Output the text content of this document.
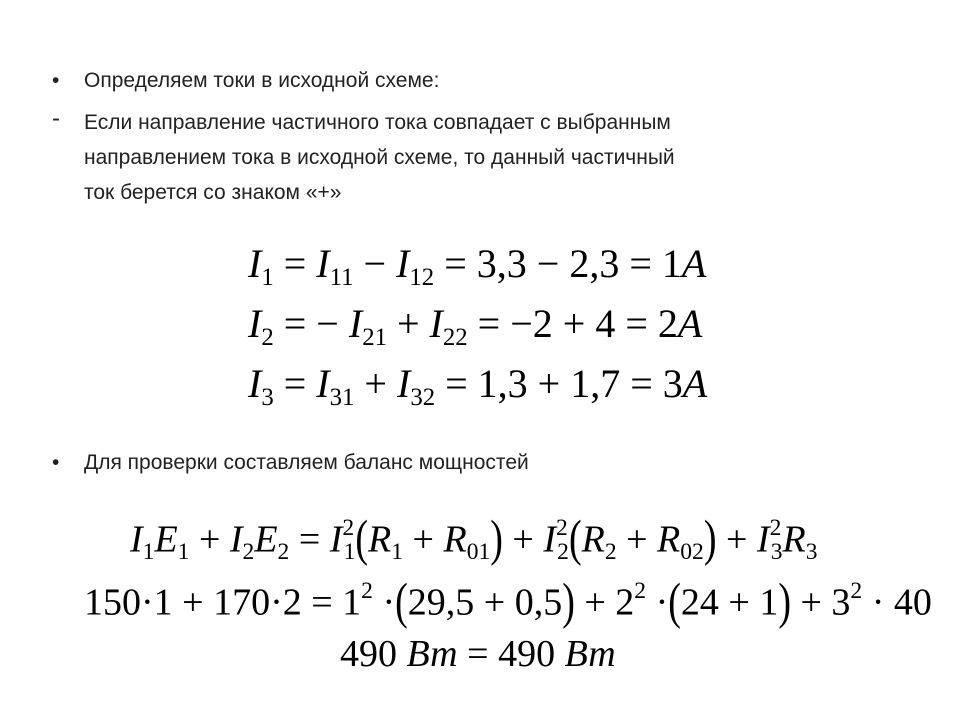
• Определяем токи в исходной схеме:
- Если направление частичного тока совпадает с выбранным
направлением тока в исходной схеме, то данный частичный
ток берется со знаком «+»
$I_1 = I_{11} - I_{12} = 3,3 - 2,3 = 1A$
$I_2$ = − $I_{21} + I_{22} = -2 + 4 = 2A$
$I_3 = I_{31} + I_{32} = 1,3 + 1,7 = 3A$
• Для проверки составляем баланс мощностей
$I_1E_1 + I_2E_2 = I^2_1(R_1 + R_{01}) + I^2_2(R_2 + R_{02}) + I^2_3R_3$
$150\cdot 1 + 170\cdot 2 = 1^2 \cdot(29,5 + 0,5) + 2^2 \cdot(24 + 1) + 3^2 \cdot 40$
490 Вт = 490 Вт
